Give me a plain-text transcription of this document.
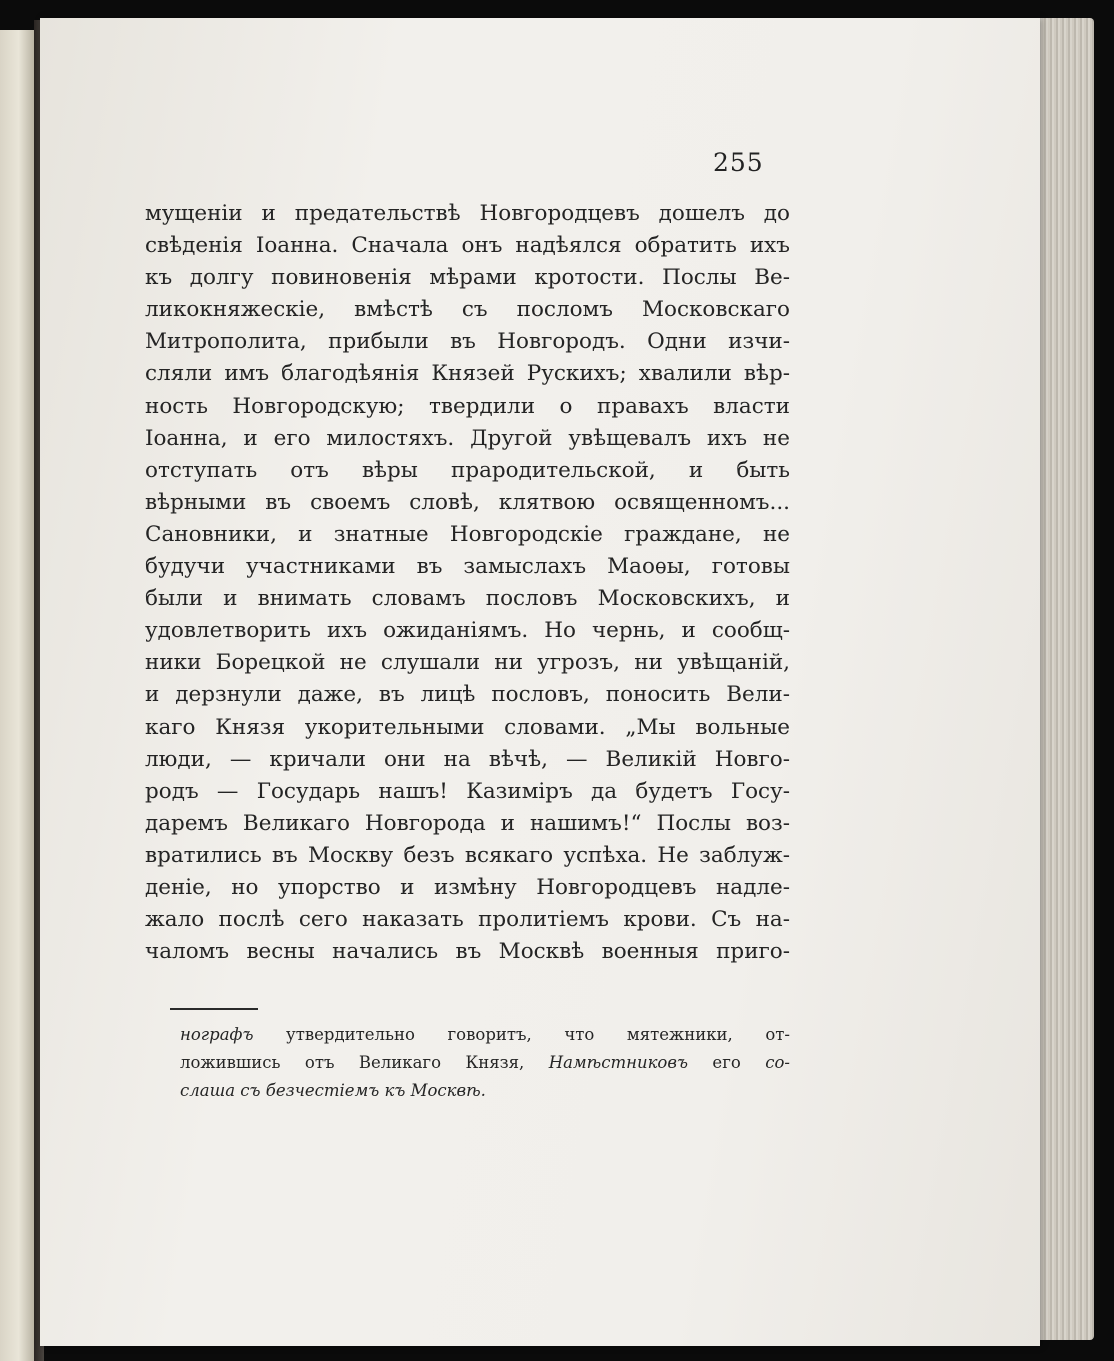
255
мущеніи и предательствѣ Новгородцевъ дошелъ до
свѣденія Іоанна. Сначала онъ надѣялся обратить ихъ
къ долгу повиновенія мѣрами кротости. Послы Ве-
ликокняжескіе, вмѣстѣ съ посломъ Московскаго
Митрополита, прибыли въ Новгородъ. Одни изчи-
сляли имъ благодѣянія Князей Рускихъ; хвалили вѣр-
ность Новгородскую; твердили о правахъ власти
Іоанна, и его милостяхъ. Другой увѣщевалъ ихъ не
отступать отъ вѣры прародительской, и быть
вѣрными въ своемъ словѣ, клятвою освященномъ...
Сановники, и знатные Новгородскіе граждане, не
будучи участниками въ замыслахъ Маоѳы, готовы
были и внимать словамъ пословъ Московскихъ, и
удовлетворить ихъ ожиданіямъ. Но чернь, и сообщ-
ники Борецкой не слушали ни угрозъ, ни увѣщаній,
и дерзнули даже, въ лицѣ пословъ, поносить Вели-
каго Князя укорительными словами. „Мы вольные
люди, — кричали они на вѣчѣ, — Великій Новго-
родъ — Государь нашъ! Казиміръ да будетъ Госу-
даремъ Великаго Новгорода и нашимъ!“ Послы воз-
вратились въ Москву безъ всякаго успѣха. Не заблуж-
деніе, но упорство и измѣну Новгородцевъ надле-
жало послѣ сего наказать пролитіемъ крови. Съ на-
чаломъ весны начались въ Москвѣ военныя приго-
нографъ утвердительно говоритъ, что мятежники, от-
ложившись отъ Великаго Князя, Намѣстниковъ его со-
слаша съ безчестіемъ къ Москвѣ.
